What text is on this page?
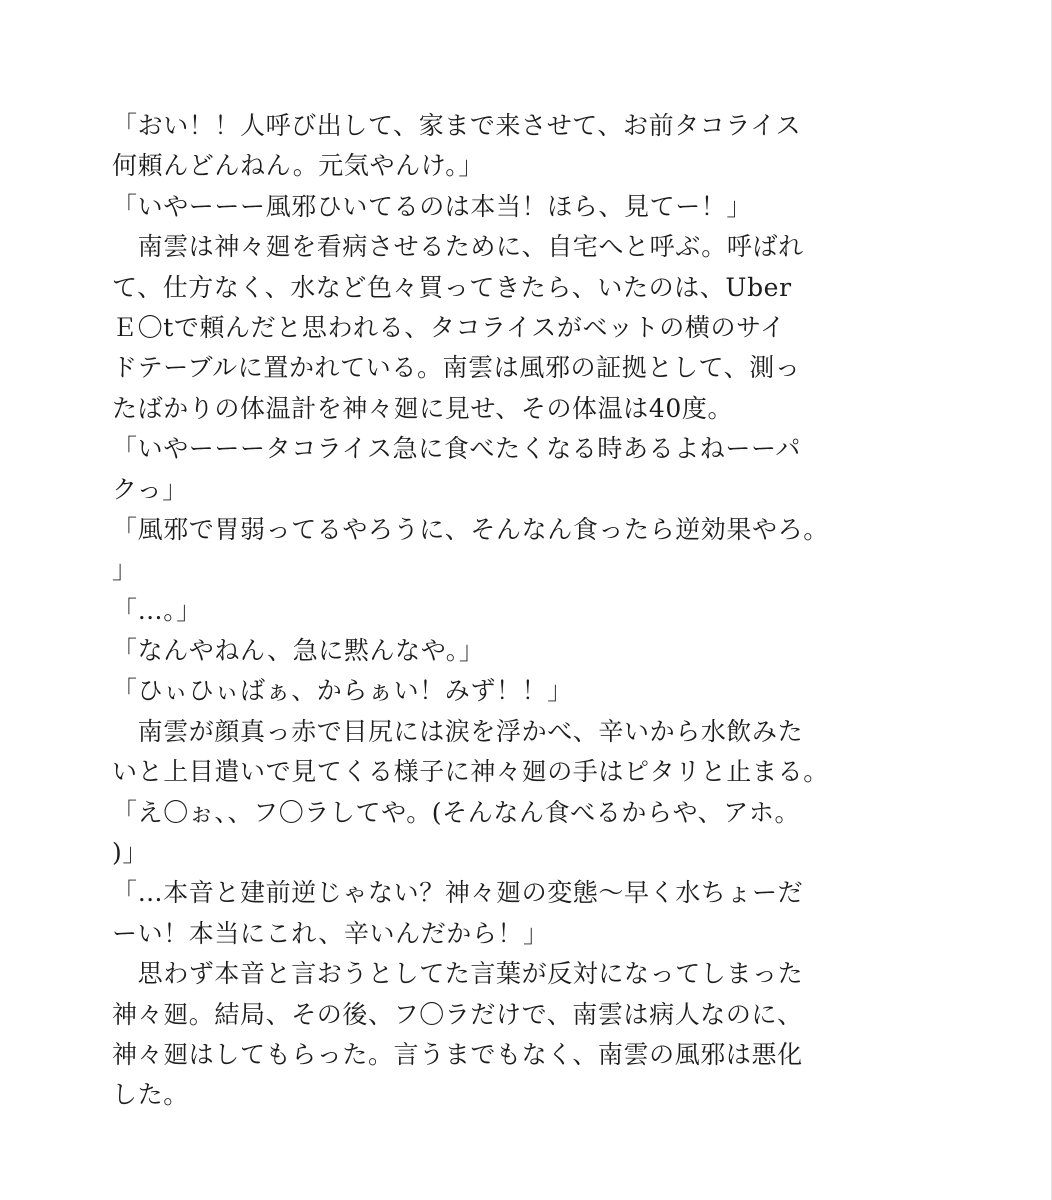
「おい！！人呼び出して、家まで来させて、お前タコライス
何頼んどんねん。元気やんけ。」
「いやーーー風邪ひいてるのは本当！ほら、見てー！」
　南雲は神々廻を看病させるために、自宅へと呼ぶ。呼ばれ
て、仕方なく、水など色々買ってきたら、いたのは、Uber
Ｅ〇tで頼んだと思われる、タコライスがベットの横のサイ
ドテーブルに置かれている。南雲は風邪の証拠として、測っ
たばかりの体温計を神々廻に見せ、その体温は40度。
「いやーーータコライス急に食べたくなる時あるよねーーパ
クっ」
「風邪で胃弱ってるやろうに、そんなん食ったら逆効果やろ。
」
「…。」
「なんやねん、急に黙んなや。」
「ひぃひぃばぁ、からぁい！みず！！」
　南雲が顔真っ赤で目尻には涙を浮かべ、辛いから水飲みた
いと上目遣いで見てくる様子に神々廻の手はピタリと止まる。
「え〇ぉ、、フ〇ラしてや。(そんなん食べるからや、アホ。
)」
「…本音と建前逆じゃない？神々廻の変態〜早く水ちょーだ
ーい！本当にこれ、辛いんだから！」
　思わず本音と言おうとしてた言葉が反対になってしまった
神々廻。結局、その後、フ〇ラだけで、南雲は病人なのに、
神々廻はしてもらった。言うまでもなく、南雲の風邪は悪化
した。
